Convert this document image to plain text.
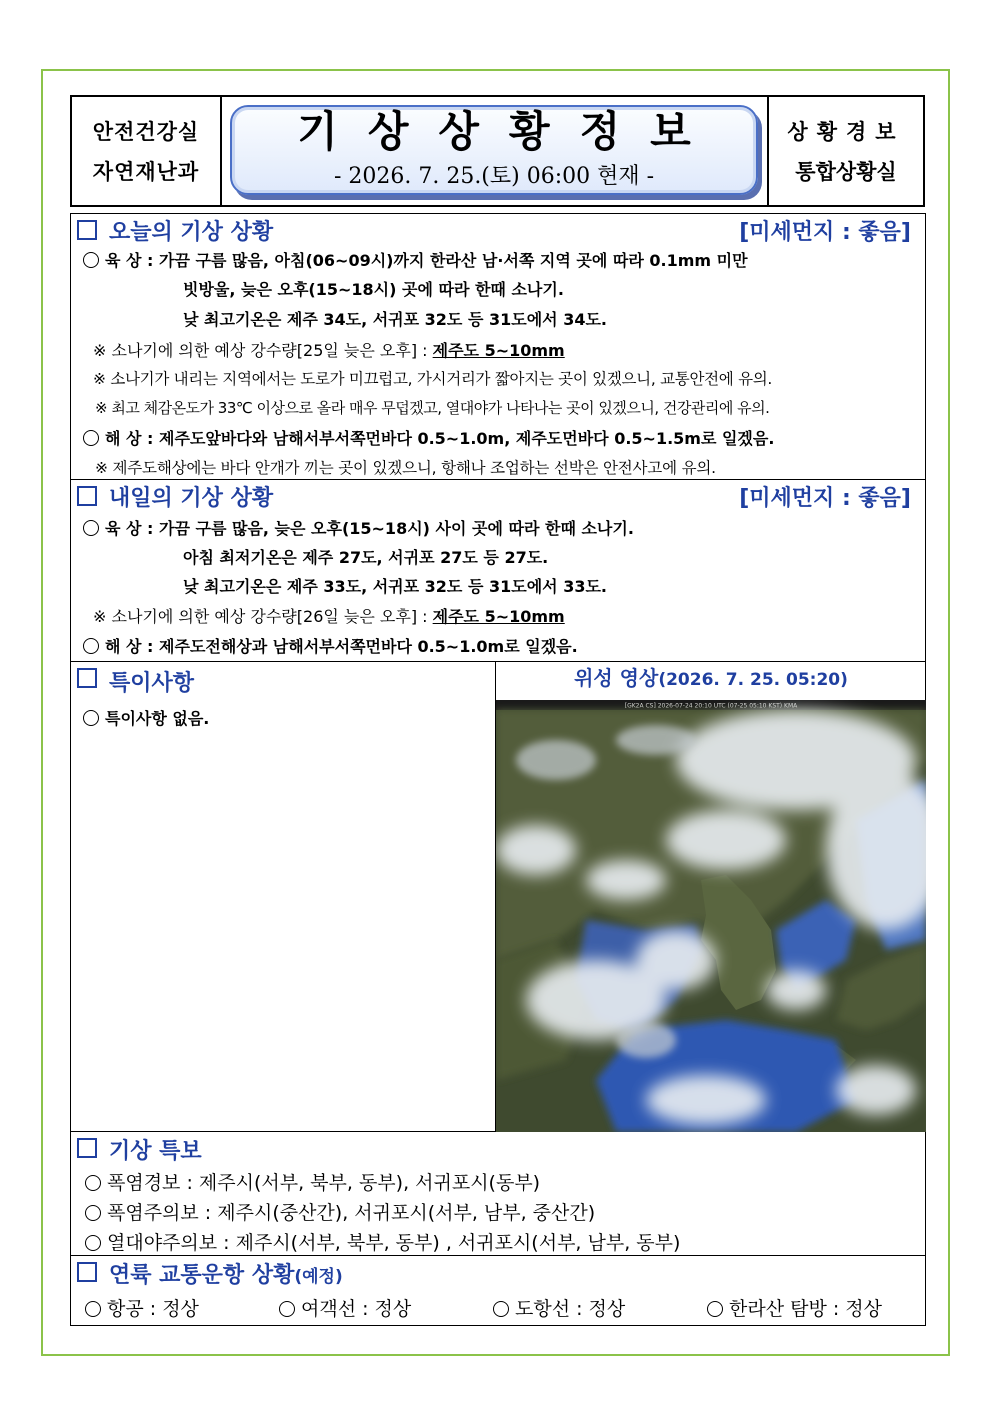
안전건강실
자연재난과
기상상황정보
- 2026. 7. 25.(토) 06:00 현재 -
상황경보
통합상황실
오늘의 기상 상황	[미세먼지 : 좋음]
육 상 : 가끔 구름 많음, 아침(06~09시)까지 한라산 남·서쪽 지역 곳에 따라 0.1mm 미만
빗방울, 늦은 오후(15~18시) 곳에 따라 한때 소나기.
낮 최고기온은 제주 34도, 서귀포 32도 등 31도에서 34도.
※ 소나기에 의한 예상 강수량[25일 늦은 오후] : 제주도 5~10mm
※ 소나기가 내리는 지역에서는 도로가 미끄럽고, 가시거리가 짧아지는 곳이 있겠으니, 교통안전에 유의.
※ 최고 체감온도가 33℃ 이상으로 올라 매우 무덥겠고, 열대야가 나타나는 곳이 있겠으니, 건강관리에 유의.
해 상 : 제주도앞바다와 남해서부서쪽먼바다 0.5~1.0m, 제주도먼바다 0.5~1.5m로 일겠음.
※ 제주도해상에는 바다 안개가 끼는 곳이 있겠으니, 항해나 조업하는 선박은 안전사고에 유의.
내일의 기상 상황	[미세먼지 : 좋음]
육 상 : 가끔 구름 많음, 늦은 오후(15~18시) 사이 곳에 따라 한때 소나기.
아침 최저기온은 제주 27도, 서귀포 27도 등 27도.
낮 최고기온은 제주 33도, 서귀포 32도 등 31도에서 33도.
※ 소나기에 의한 예상 강수량[26일 늦은 오후] : 제주도 5~10mm
해 상 : 제주도전해상과 남해서부서쪽먼바다 0.5~1.0m로 일겠음.
특이사항
특이사항 없음.
위성 영상(2026. 7. 25. 05:20)
[GK2A CS] 2026-07-24 20:10 UTC (07-25 05:10 KST) KMA
기상 특보
폭염경보 : 제주시(서부, 북부, 동부), 서귀포시(동부)
폭염주의보 : 제주시(중산간), 서귀포시(서부, 남부, 중산간)
열대야주의보 : 제주시(서부, 북부, 동부) , 서귀포시(서부, 남부, 동부)
연륙 교통운항 상황(예정)
항공 : 정상	여객선 : 정상	도항선 : 정상	한라산 탐방 : 정상
